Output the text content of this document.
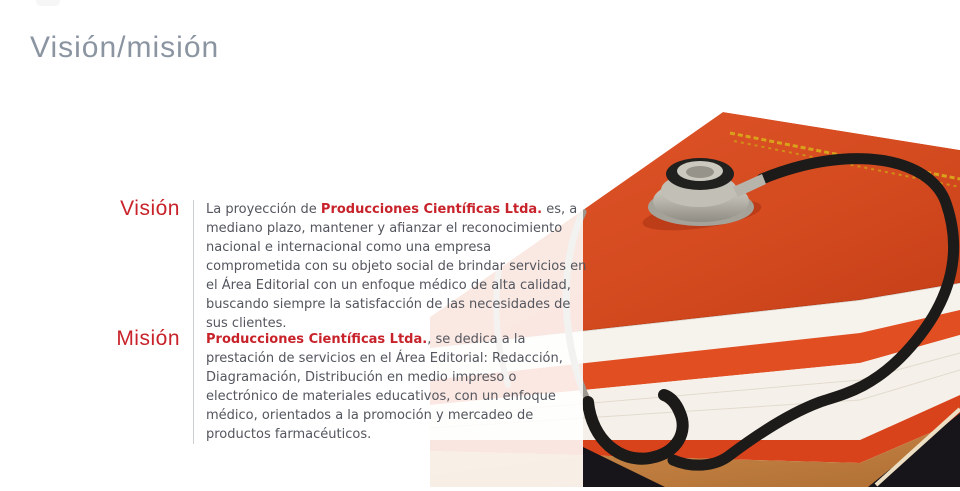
Visión/misión
Visión	La proyección de Producciones Científicas Ltda. es, a mediano plazo, mantener y afianzar el reconocimiento nacional e internacional como una empresa comprometida con su objeto social de brindar servicios en el Área Editorial con un enfoque médico de alta calidad, buscando siempre la satisfacción de las necesidades de sus clientes.
Misión	Producciones Científicas Ltda., se dedica a la prestación de servicios en el Área Editorial: Redacción, Diagramación, Distribución en medio impreso o electrónico de materiales educativos, con un enfoque médico, orientados a la promoción y mercadeo de productos farmacéuticos.
